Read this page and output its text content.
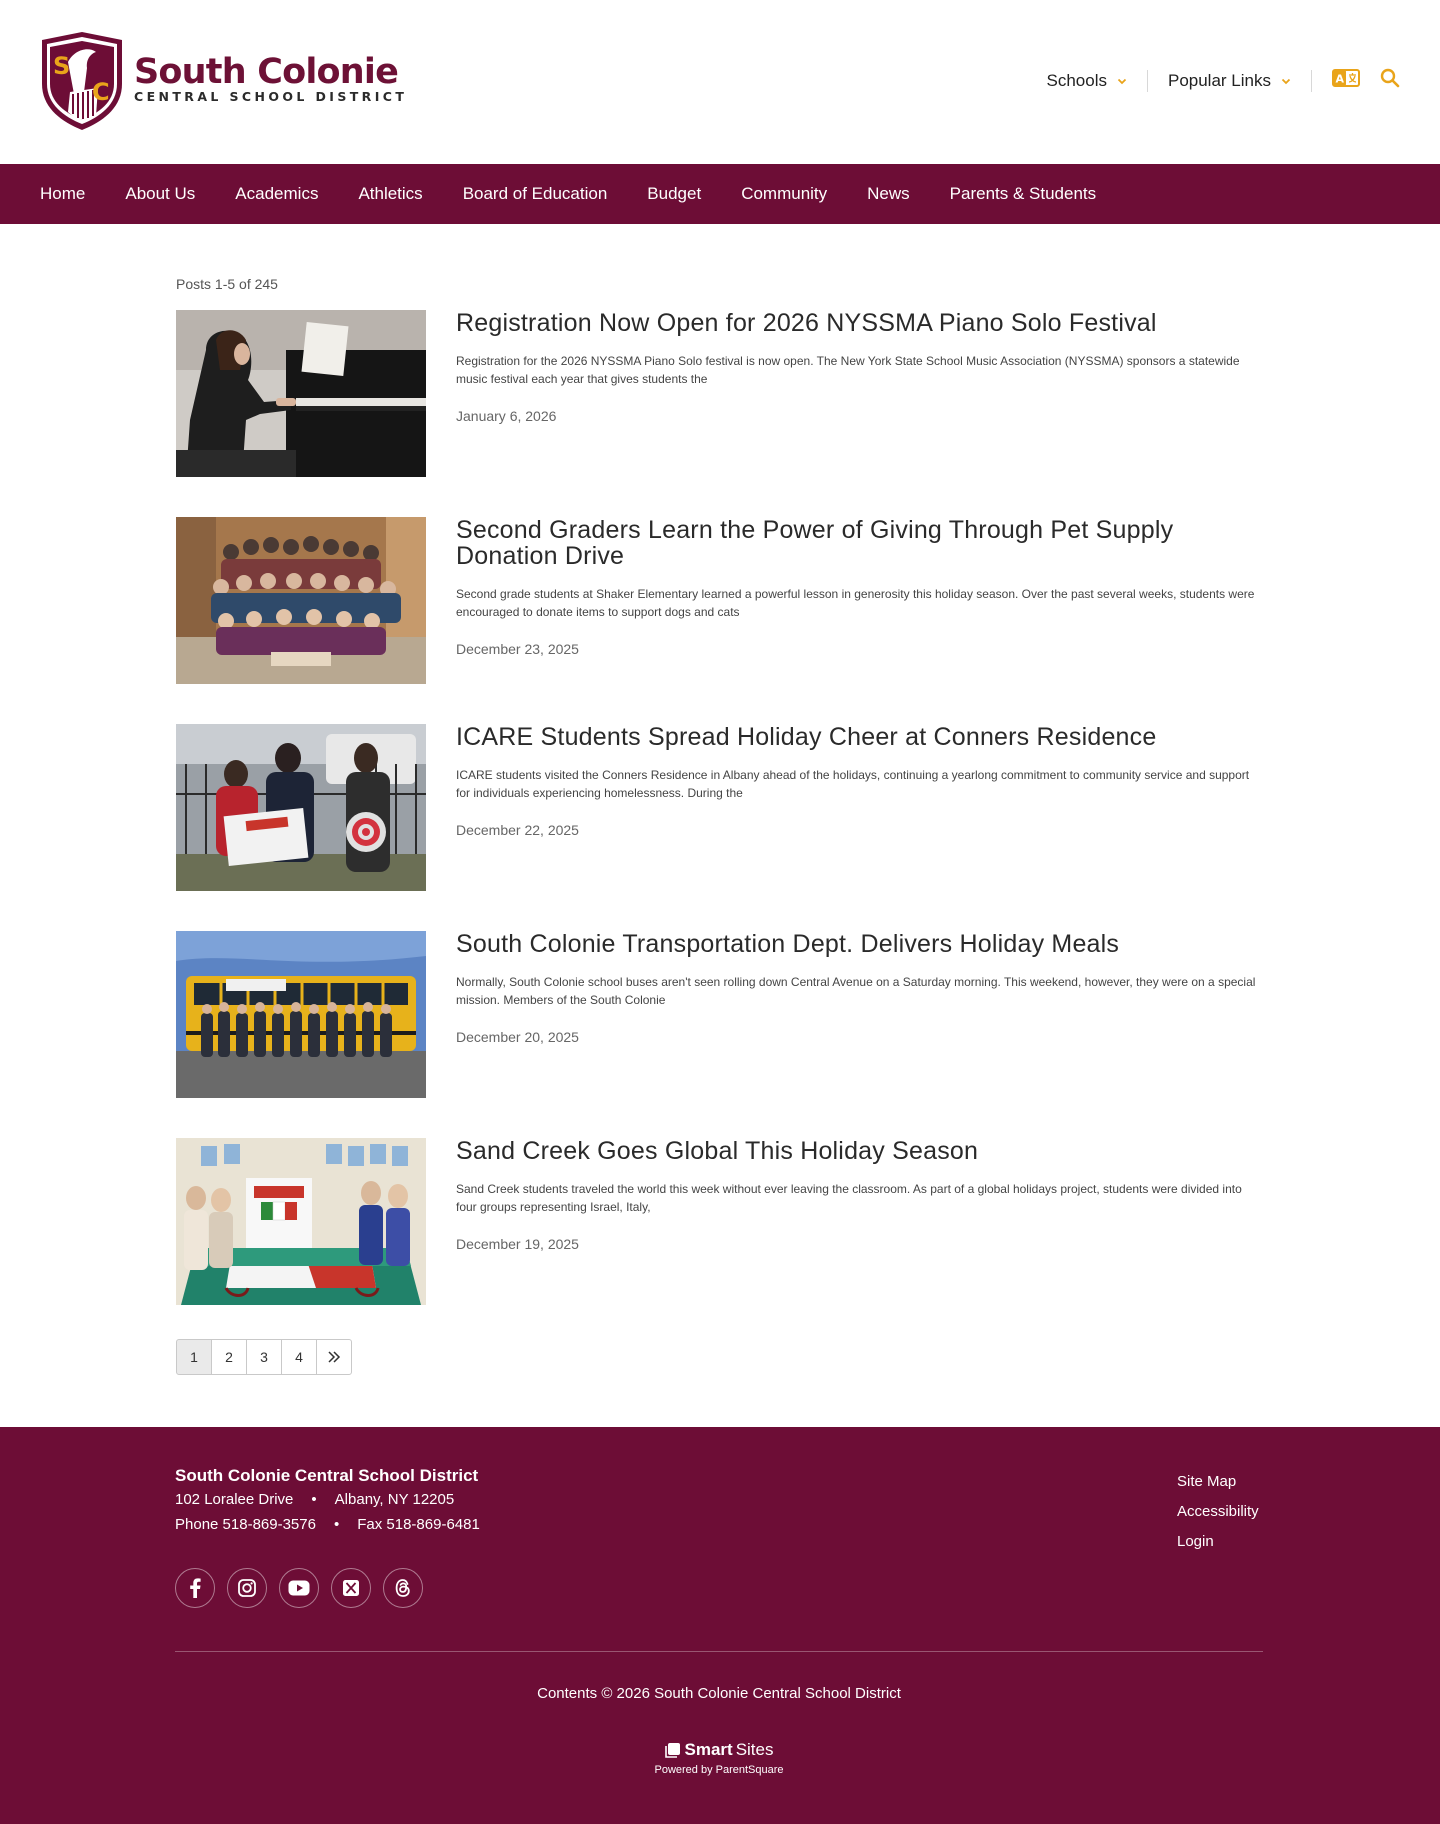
S
C
South Colonie
CENTRAL SCHOOL DISTRICT
Schools	Popular Links	A
Home About Us Academics Athletics Board of Education Budget Community News Parents & Students
Posts 1-5 of 245
Registration Now Open for 2026 NYSSMA Piano Solo Festival

Registration for the 2026 NYSSMA Piano Solo festival is now open. The New York State School Music Association (NYSSMA) sponsors a statewide music festival each year that gives students the

January 6, 2026
Second Graders Learn the Power of Giving Through Pet Supply Donation Drive

Second grade students at Shaker Elementary learned a powerful lesson in generosity this holiday season. Over the past several weeks, students were encouraged to donate items to support dogs and cats

December 23, 2025
ICARE Students Spread Holiday Cheer at Conners Residence

ICARE students visited the Conners Residence in Albany ahead of the holidays, continuing a yearlong commitment to community service and support for individuals experiencing homelessness. During the

December 22, 2025
South Colonie Transportation Dept. Delivers Holiday Meals

Normally, South Colonie school buses aren't seen rolling down Central Avenue on a Saturday morning. This weekend, however, they were on a special mission. Members of the South Colonie

December 20, 2025
Sand Creek Goes Global This Holiday Season

Sand Creek students traveled the world this week without ever leaving the classroom. As part of a global holidays project, students were divided into four groups representing Israel, Italy,

December 19, 2025
1	2	3	4
South Colonie Central School District
102 Loralee Drive • Albany, NY 12205
Phone 518-869-3576 • Fax 518-869-6481
Site Map
Accessibility
Login
Contents © 2026 South Colonie Central School District
Smart Sites
Powered by ParentSquare
